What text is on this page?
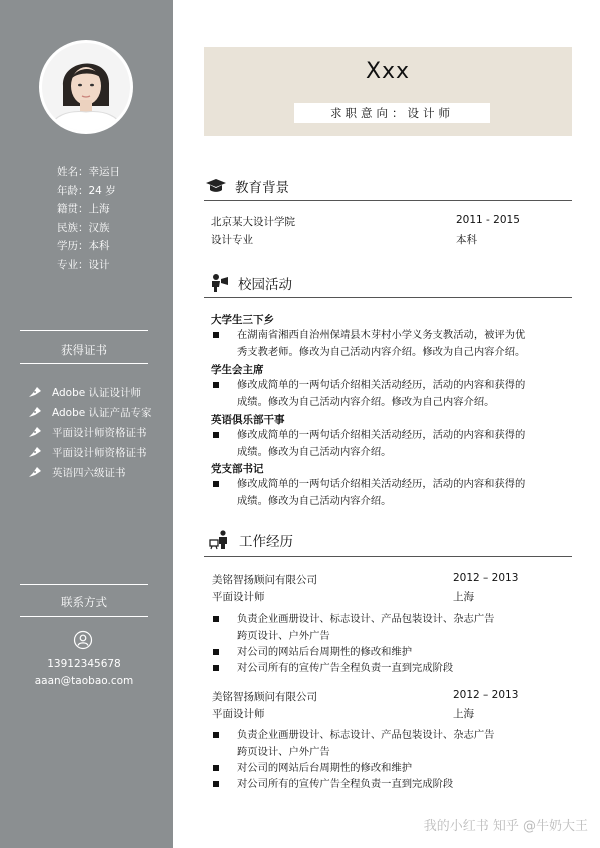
姓名：幸运日
年龄：24 岁
籍贯：上海
民族：汉族
学历：本科
专业：设计
获得证书
Adobe 认证设计师
Adobe 认证产品专家
平面设计师资格证书
平面设计师资格证书
英语四六级证书
联系方式
13912345678
aaan@taobao.com
Xxx
求职意向：设计师
教育背景
北京某大设计学院	2011 - 2015
设计专业	本科
校园活动
大学生三下乡
在湖南省湘西自治州保靖县木芽村小学义务支教活动，被评为优
秀支教老师。修改为自己活动内容介绍。修改为自己内容介绍。
学生会主席
修改成简单的一两句话介绍相关活动经历，活动的内容和获得的
成绩。修改为自己活动内容介绍。修改为自己内容介绍。
英语俱乐部干事
修改成简单的一两句话介绍相关活动经历，活动的内容和获得的
成绩。修改为自己活动内容介绍。
党支部书记
修改成简单的一两句话介绍相关活动经历，活动的内容和获得的
成绩。修改为自己活动内容介绍。
工作经历
美铭智扬顾问有限公司	2012 – 2013
平面设计师	上海
负责企业画册设计、标志设计、产品包装设计、杂志广告
跨页设计、户外广告
对公司的网站后台周期性的修改和维护
对公司所有的宣传广告全程负责一直到完成阶段
美铭智扬顾问有限公司	2012 – 2013
平面设计师	上海
负责企业画册设计、标志设计、产品包装设计、杂志广告
跨页设计、户外广告
对公司的网站后台周期性的修改和维护
对公司所有的宣传广告全程负责一直到完成阶段
我的小红书 知乎 @牛奶大王
